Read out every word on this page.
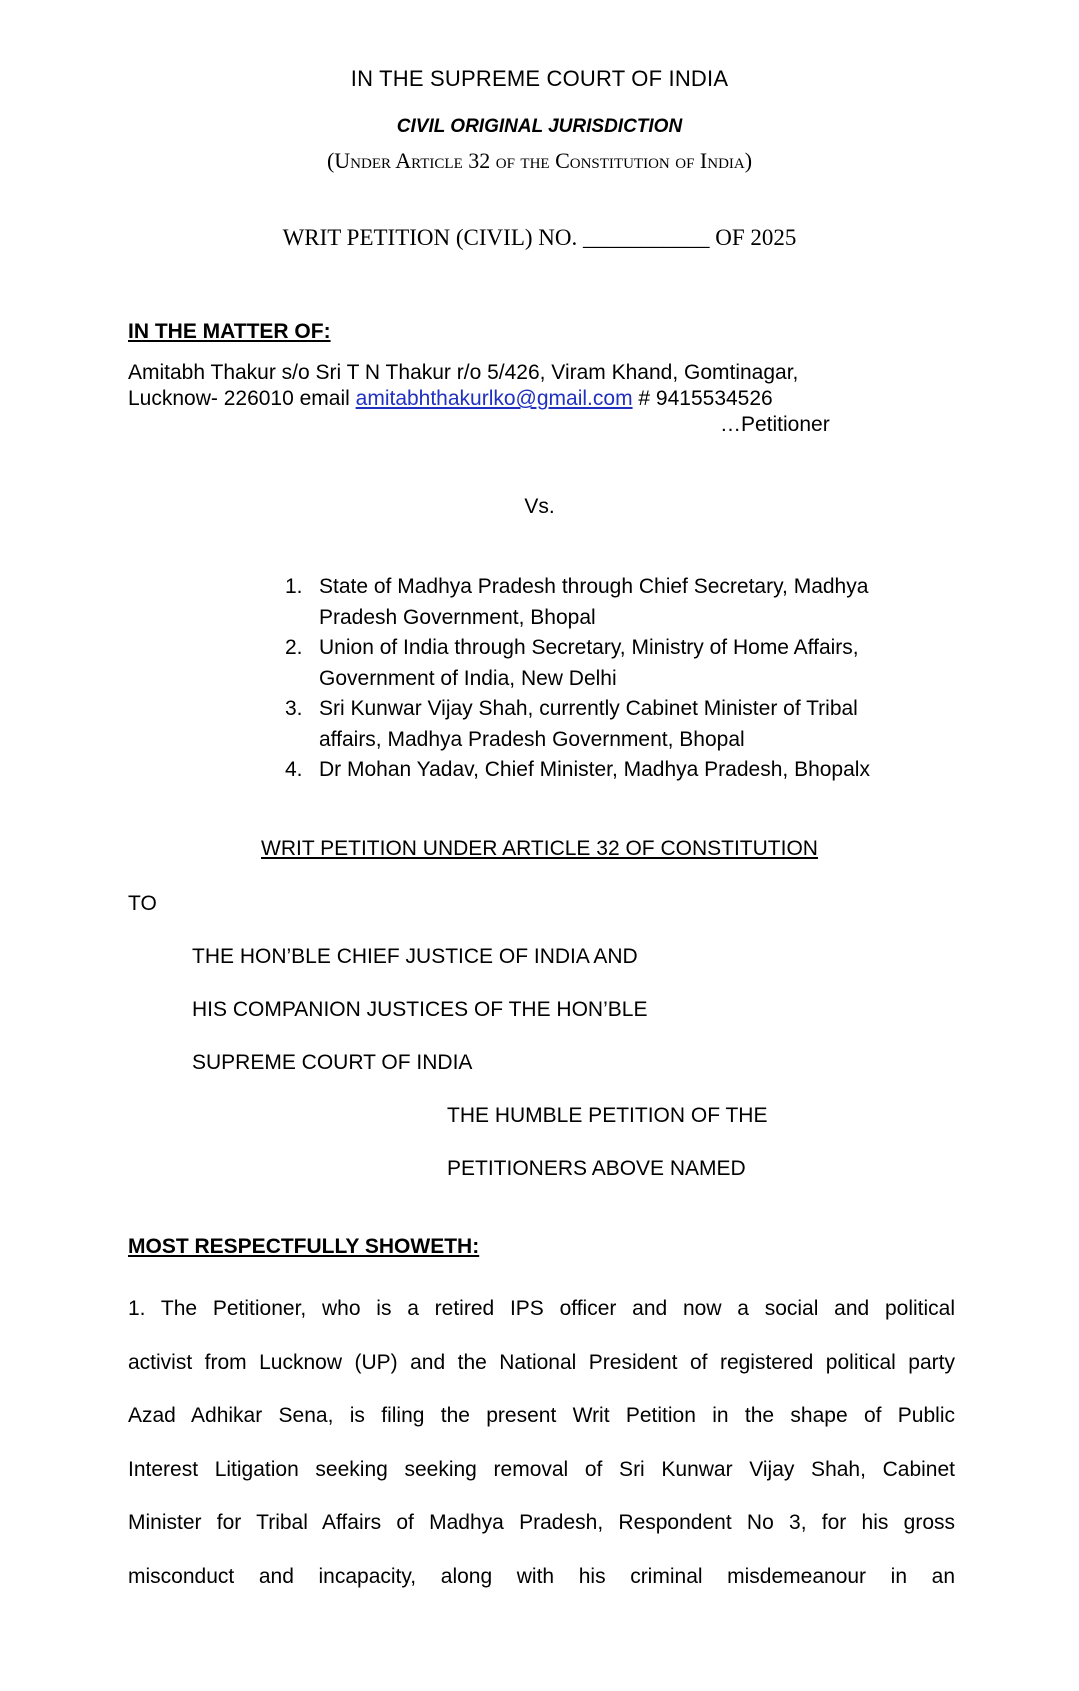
IN THE SUPREME COURT OF INDIA
CIVIL ORIGINAL JURISDICTION
(Under Article 32 of the Constitution of India)
WRIT PETITION (CIVIL) NO. ___________ OF 2025
IN THE MATTER OF:
Amitabh Thakur s/o Sri T N Thakur r/o 5/426, Viram Khand, Gomtinagar,
Lucknow- 226010 email amitabhthakurlko@gmail.com # 9415534526
…Petitioner
Vs.
1. State of Madhya Pradesh through Chief Secretary, Madhya
Pradesh Government, Bhopal
2. Union of India through Secretary, Ministry of Home Affairs,
Government of India, New Delhi
3. Sri Kunwar Vijay Shah, currently Cabinet Minister of Tribal
affairs, Madhya Pradesh Government, Bhopal
4. Dr Mohan Yadav, Chief Minister, Madhya Pradesh, Bhopalx
WRIT PETITION UNDER ARTICLE 32 OF CONSTITUTION
TO
THE HON’BLE CHIEF JUSTICE OF INDIA AND
HIS COMPANION JUSTICES OF THE HON’BLE
SUPREME COURT OF INDIA
THE HUMBLE PETITION OF THE
PETITIONERS ABOVE NAMED
MOST RESPECTFULLY SHOWETH:
1. The Petitioner, who is a retired IPS officer and now a social and political
activist from Lucknow (UP) and the National President of registered political party
Azad Adhikar Sena, is filing the present Writ Petition in the shape of Public
Interest Litigation seeking seeking removal of Sri Kunwar Vijay Shah, Cabinet
Minister for Tribal Affairs of Madhya Pradesh, Respondent No 3, for his gross
misconduct and incapacity, along with his criminal misdemeanour in an
